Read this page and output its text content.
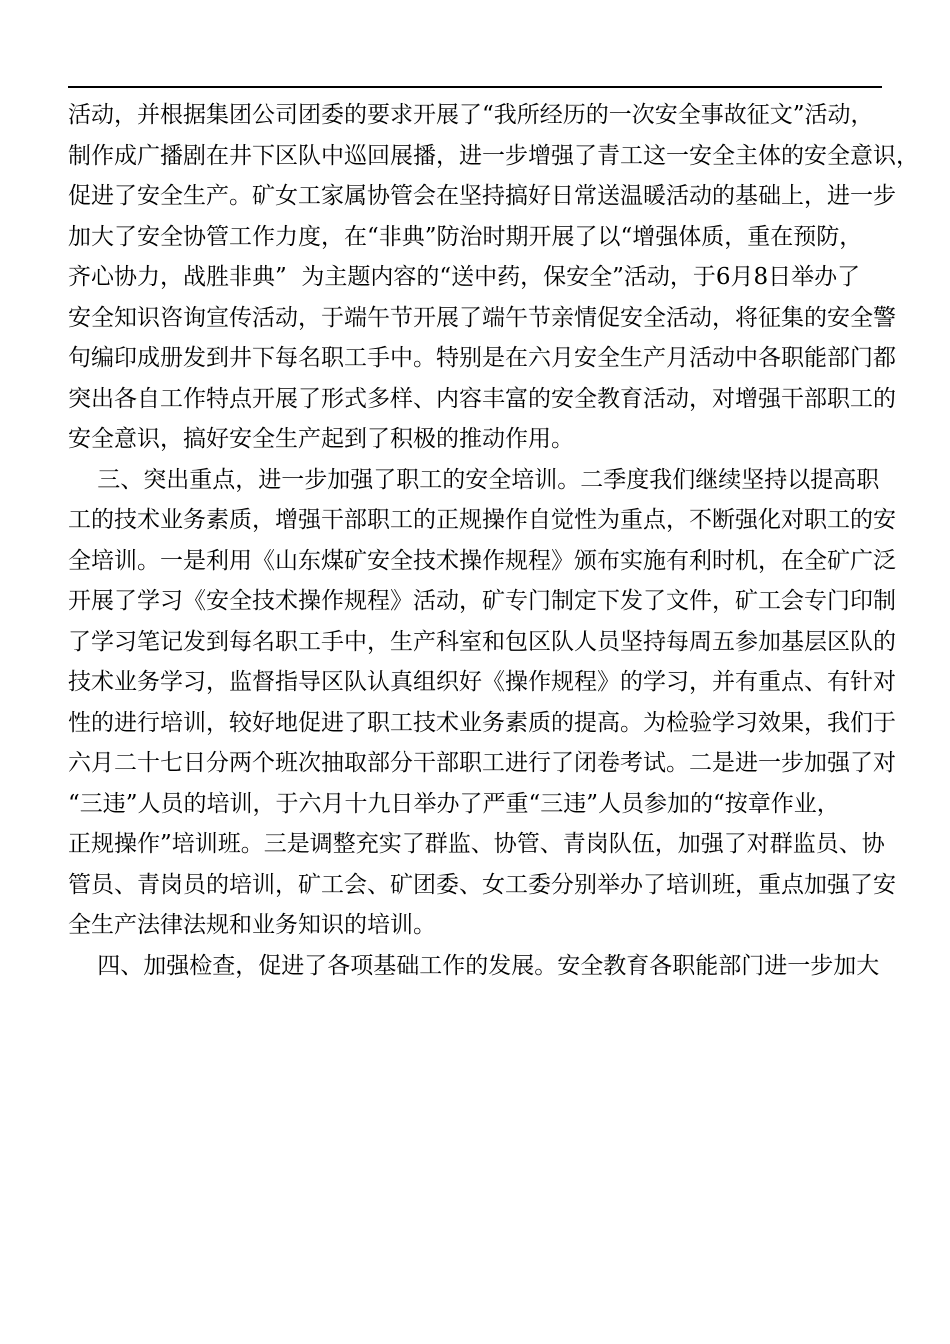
活动，并根据集团公司团委的要求开展了“我所经历的一次安全事故征文”活动，
制作成广播剧在井下区队中巡回展播，进一步增强了青工这一安全主体的安全意识，
促进了安全生产。矿女工家属协管会在坚持搞好日常送温暖活动的基础上，进一步
加大了安全协管工作力度，在“非典”防治时期开展了以“增强体质，重在预防，
齐心协力，战胜非典”  为主题内容的“送中药，保安全”活动，于6月8日举办了
安全知识咨询宣传活动，于端午节开展了端午节亲情促安全活动，将征集的安全警
句编印成册发到井下每名职工手中。特别是在六月安全生产月活动中各职能部门都
突出各自工作特点开展了形式多样、内容丰富的安全教育活动，对增强干部职工的
安全意识，搞好安全生产起到了积极的推动作用。
三、突出重点，进一步加强了职工的安全培训。二季度我们继续坚持以提高职
工的技术业务素质，增强干部职工的正规操作自觉性为重点，不断强化对职工的安
全培训。一是利用《山东煤矿安全技术操作规程》颁布实施有利时机，在全矿广泛
开展了学习《安全技术操作规程》活动，矿专门制定下发了文件，矿工会专门印制
了学习笔记发到每名职工手中，生产科室和包区队人员坚持每周五参加基层区队的
技术业务学习，监督指导区队认真组织好《操作规程》的学习，并有重点、有针对
性的进行培训，较好地促进了职工技术业务素质的提高。为检验学习效果，我们于
六月二十七日分两个班次抽取部分干部职工进行了闭卷考试。二是进一步加强了对
“三违”人员的培训，于六月十九日举办了严重“三违”人员参加的“按章作业，
正规操作”培训班。三是调整充实了群监、协管、青岗队伍，加强了对群监员、协
管员、青岗员的培训，矿工会、矿团委、女工委分别举办了培训班，重点加强了安
全生产法律法规和业务知识的培训。
四、加强检查，促进了各项基础工作的发展。安全教育各职能部门进一步加大
